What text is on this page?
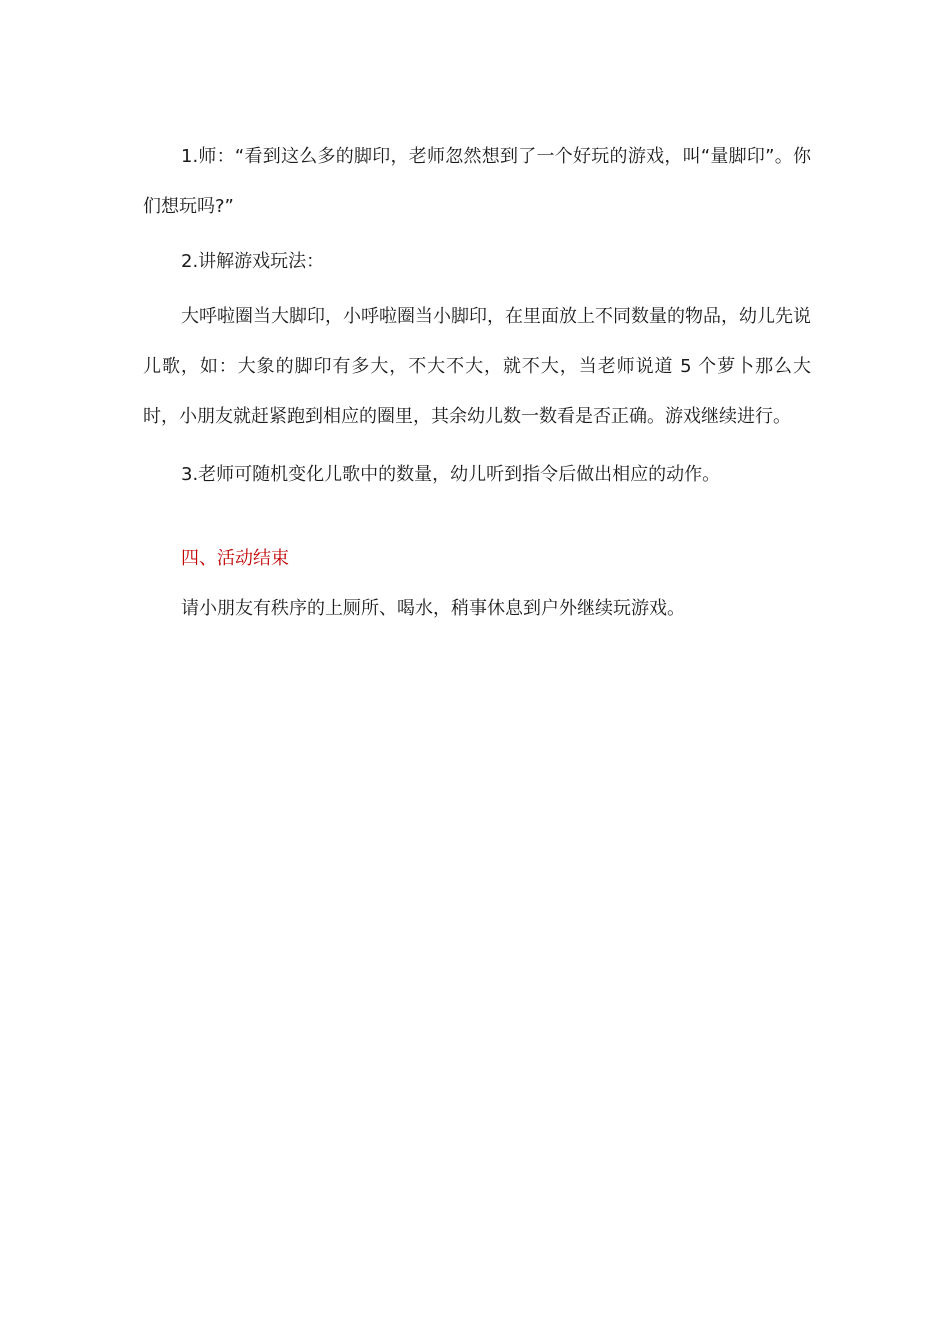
1.师：“看到这么多的脚印，老师忽然想到了一个好玩的游戏，叫“量脚印”。你们想玩吗?”

2.讲解游戏玩法：

大呼啦圈当大脚印，小呼啦圈当小脚印，在里面放上不同数量的物品，幼儿先说儿歌，如：大象的脚印有多大，不大不大，就不大，当老师说道 5 个萝卜那么大时，小朋友就赶紧跑到相应的圈里，其余幼儿数一数看是否正确。游戏继续进行。

3.老师可随机变化儿歌中的数量，幼儿听到指令后做出相应的动作。

四、活动结束

请小朋友有秩序的上厕所、喝水，稍事休息到户外继续玩游戏。
